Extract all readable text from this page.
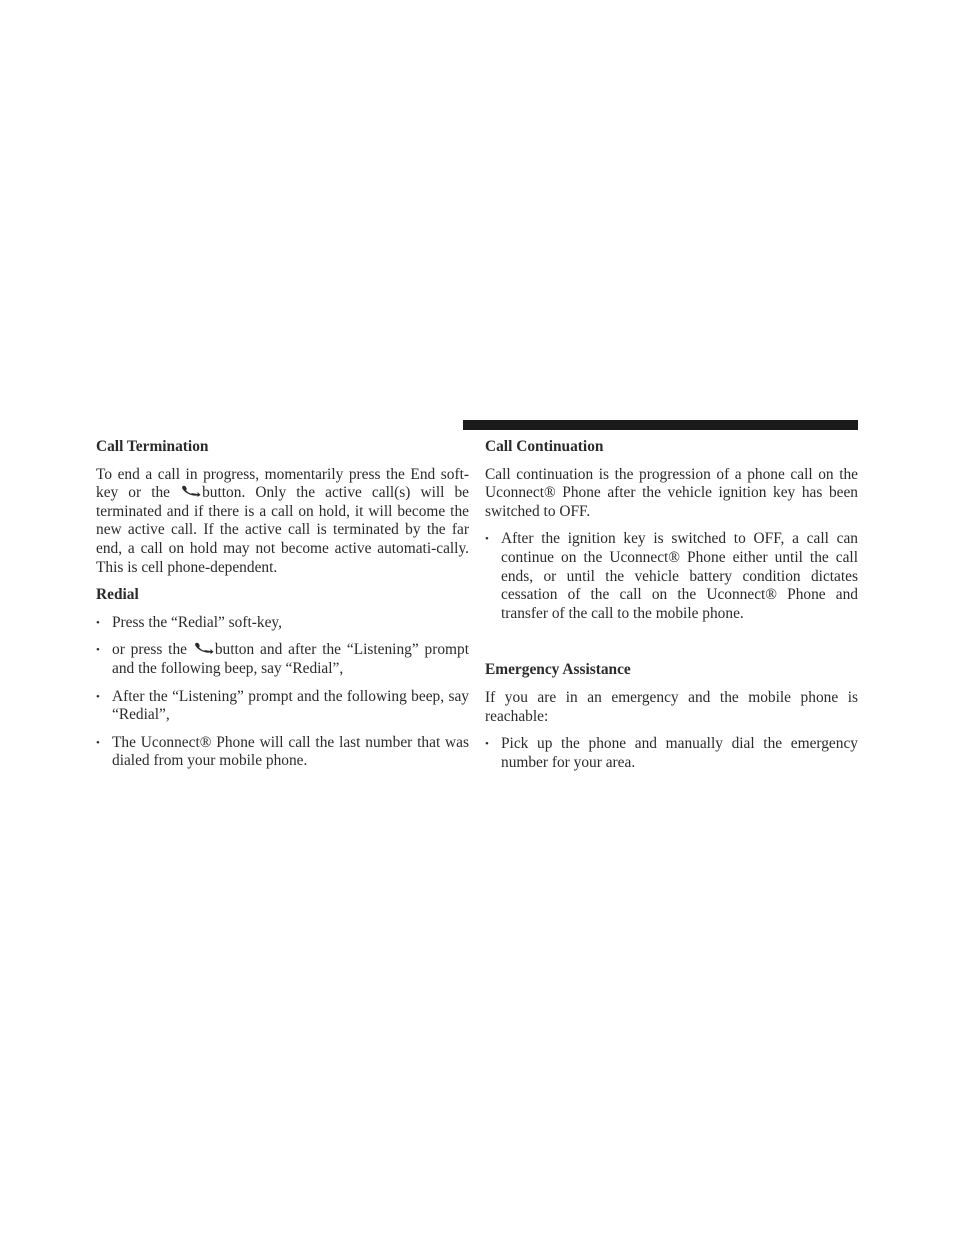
Call Termination

To end a call in progress, momentarily press the End soft-key or the button. Only the active call(s) will be terminated and if there is a call on hold, it will become the new active call. If the active call is terminated by the far end, a call on hold may not become active automati-cally. This is cell phone-dependent.

Redial
• Press the “Redial” soft-key,
• or press the button and after the “Listening” prompt and the following beep, say “Redial”,
• After the “Listening” prompt and the following beep, say “Redial”,
• The Uconnect® Phone will call the last number that was dialed from your mobile phone.
Call Continuation

Call continuation is the progression of a phone call on the Uconnect® Phone after the vehicle ignition key has been switched to OFF.

• After the ignition key is switched to OFF, a call can continue on the Uconnect® Phone either until the call ends, or until the vehicle battery condition dictates cessation of the call on the Uconnect® Phone and transfer of the call to the mobile phone.
Emergency Assistance

If you are in an emergency and the mobile phone is reachable:

• Pick up the phone and manually dial the emergency number for your area.
